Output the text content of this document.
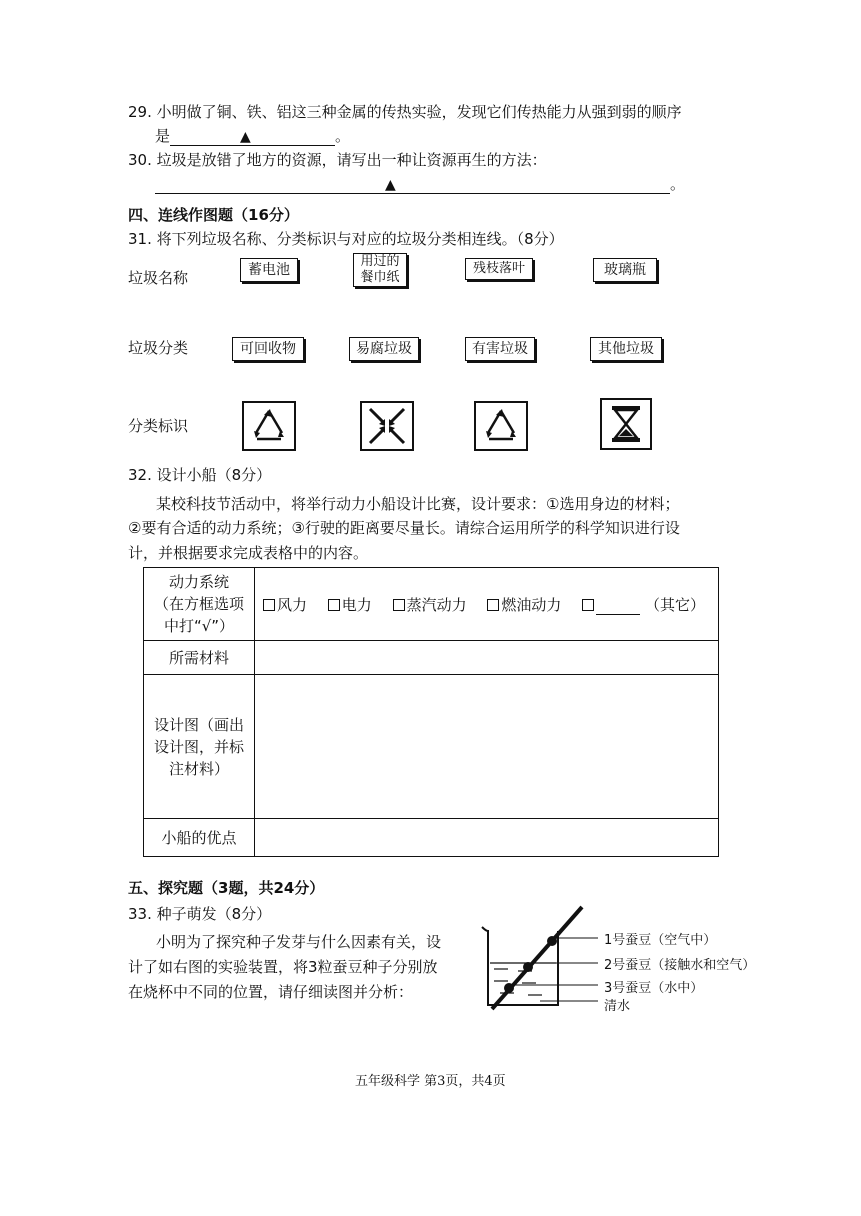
29. 小明做了铜、铁、铝这三种金属的传热实验，发现它们传热能力从强到弱的顺序
是	▲	。
30. 垃圾是放错了地方的资源，请写出一种让资源再生的方法：
▲	。
四、连线作图题（16分）
31. 将下列垃圾名称、分类标识与对应的垃圾分类相连线。（8分）
垃圾名称
垃圾分类
分类标识
蓄电池
用过的餐巾纸
残枝落叶	玻璃瓶
可回收物	易腐垃圾	有害垃圾	其他垃圾
32. 设计小船（8分）
某校科技节活动中，将举行动力小船设计比赛，设计要求：①选用身边的材料；
②要有合适的动力系统；③行驶的距离要尽量长。请综合运用所学的科学知识进行设
计，并根据要求完成表格中的内容。
动力系统
（在方框选项
中打“√”）	风力 电力 蒸汽动力 燃油动力 （其它）
所需材料	

设计图（画出
设计图，并标
注材料）	

小船的优点	
五、探究题（3题，共24分）
33. 种子萌发（8分）
小明为了探究种子发芽与什么因素有关，设
计了如右图的实验装置，将3粒蚕豆种子分别放
在烧杯中不同的位置，请仔细读图并分析：
1号蚕豆（空气中）
2号蚕豆（接触水和空气）
3号蚕豆（水中）
清水
五年级科学 第3页，共4页
